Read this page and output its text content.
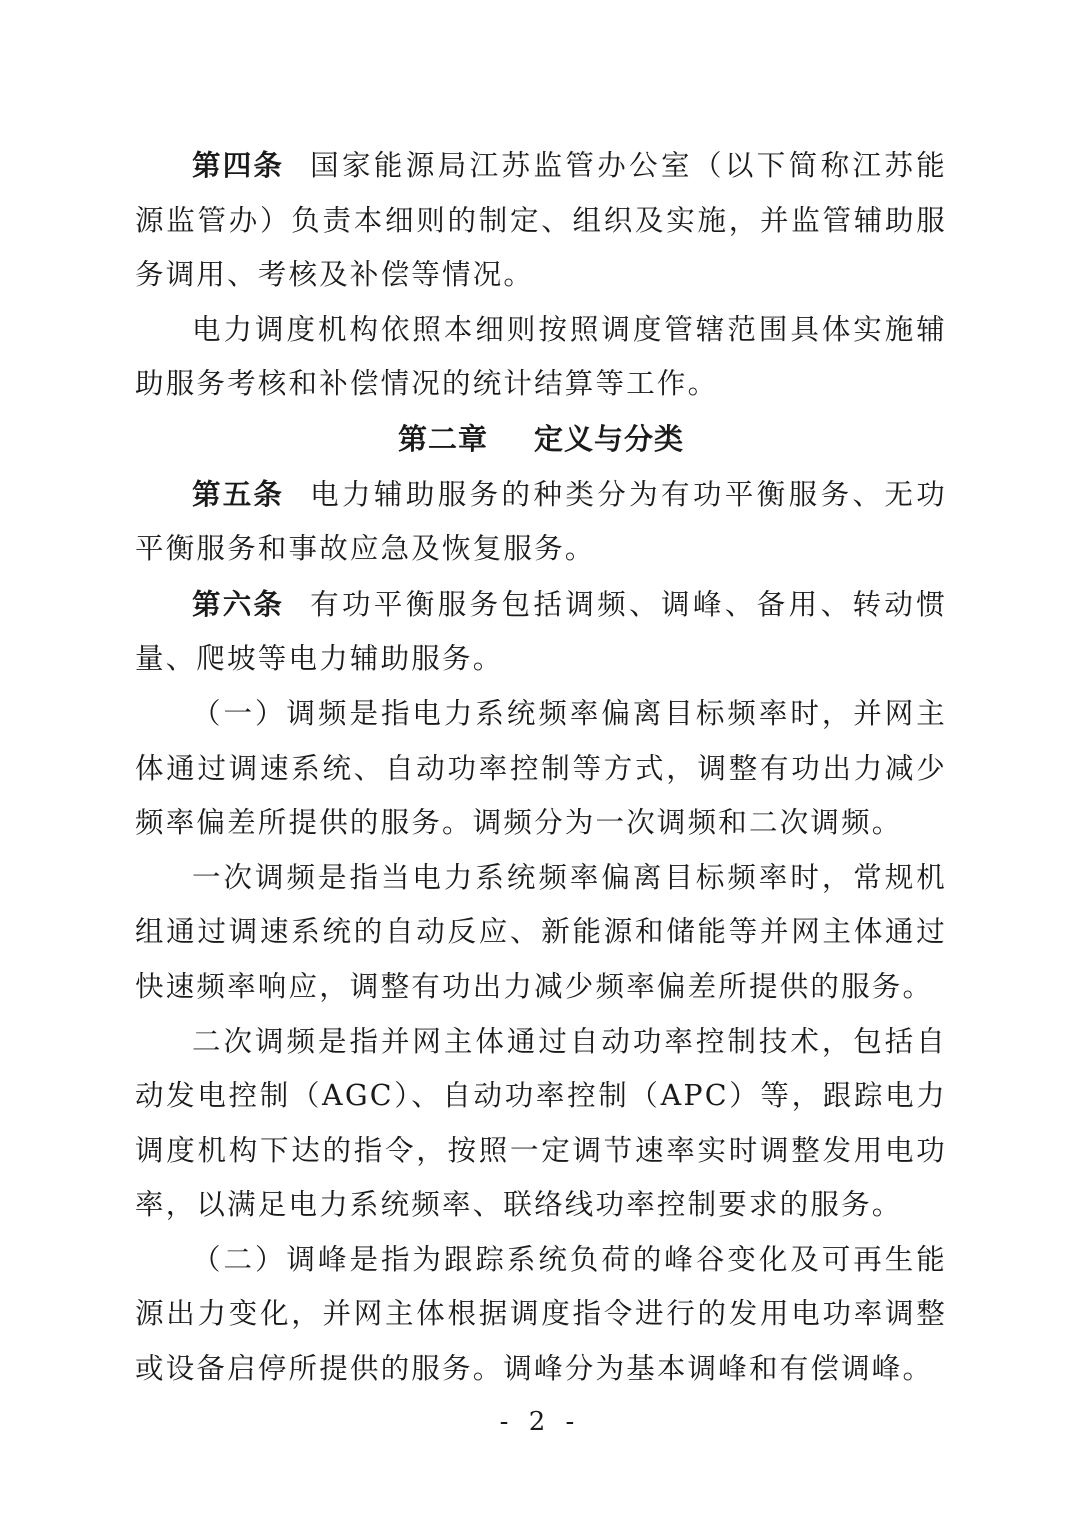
第四条 国家能源局江苏监管办公室（以下简称江苏能源监管办）负责本细则的制定、组织及实施，并监管辅助服务调用、考核及补偿等情况。

电力调度机构依照本细则按照调度管辖范围具体实施辅助服务考核和补偿情况的统计结算等工作。

第二章 定义与分类

第五条 电力辅助服务的种类分为有功平衡服务、无功平衡服务和事故应急及恢复服务。

第六条 有功平衡服务包括调频、调峰、备用、转动惯量、爬坡等电力辅助服务。

（一）调频是指电力系统频率偏离目标频率时，并网主体通过调速系统、自动功率控制等方式，调整有功出力减少频率偏差所提供的服务。调频分为一次调频和二次调频。

一次调频是指当电力系统频率偏离目标频率时，常规机组通过调速系统的自动反应、新能源和储能等并网主体通过快速频率响应，调整有功出力减少频率偏差所提供的服务。

二次调频是指并网主体通过自动功率控制技术，包括自动发电控制（AGC）、自动功率控制（APC）等，跟踪电力调度机构下达的指令，按照一定调节速率实时调整发用电功率，以满足电力系统频率、联络线功率控制要求的服务。

（二）调峰是指为跟踪系统负荷的峰谷变化及可再生能源出力变化，并网主体根据调度指令进行的发用电功率调整或设备启停所提供的服务。调峰分为基本调峰和有偿调峰。

- 2 -
